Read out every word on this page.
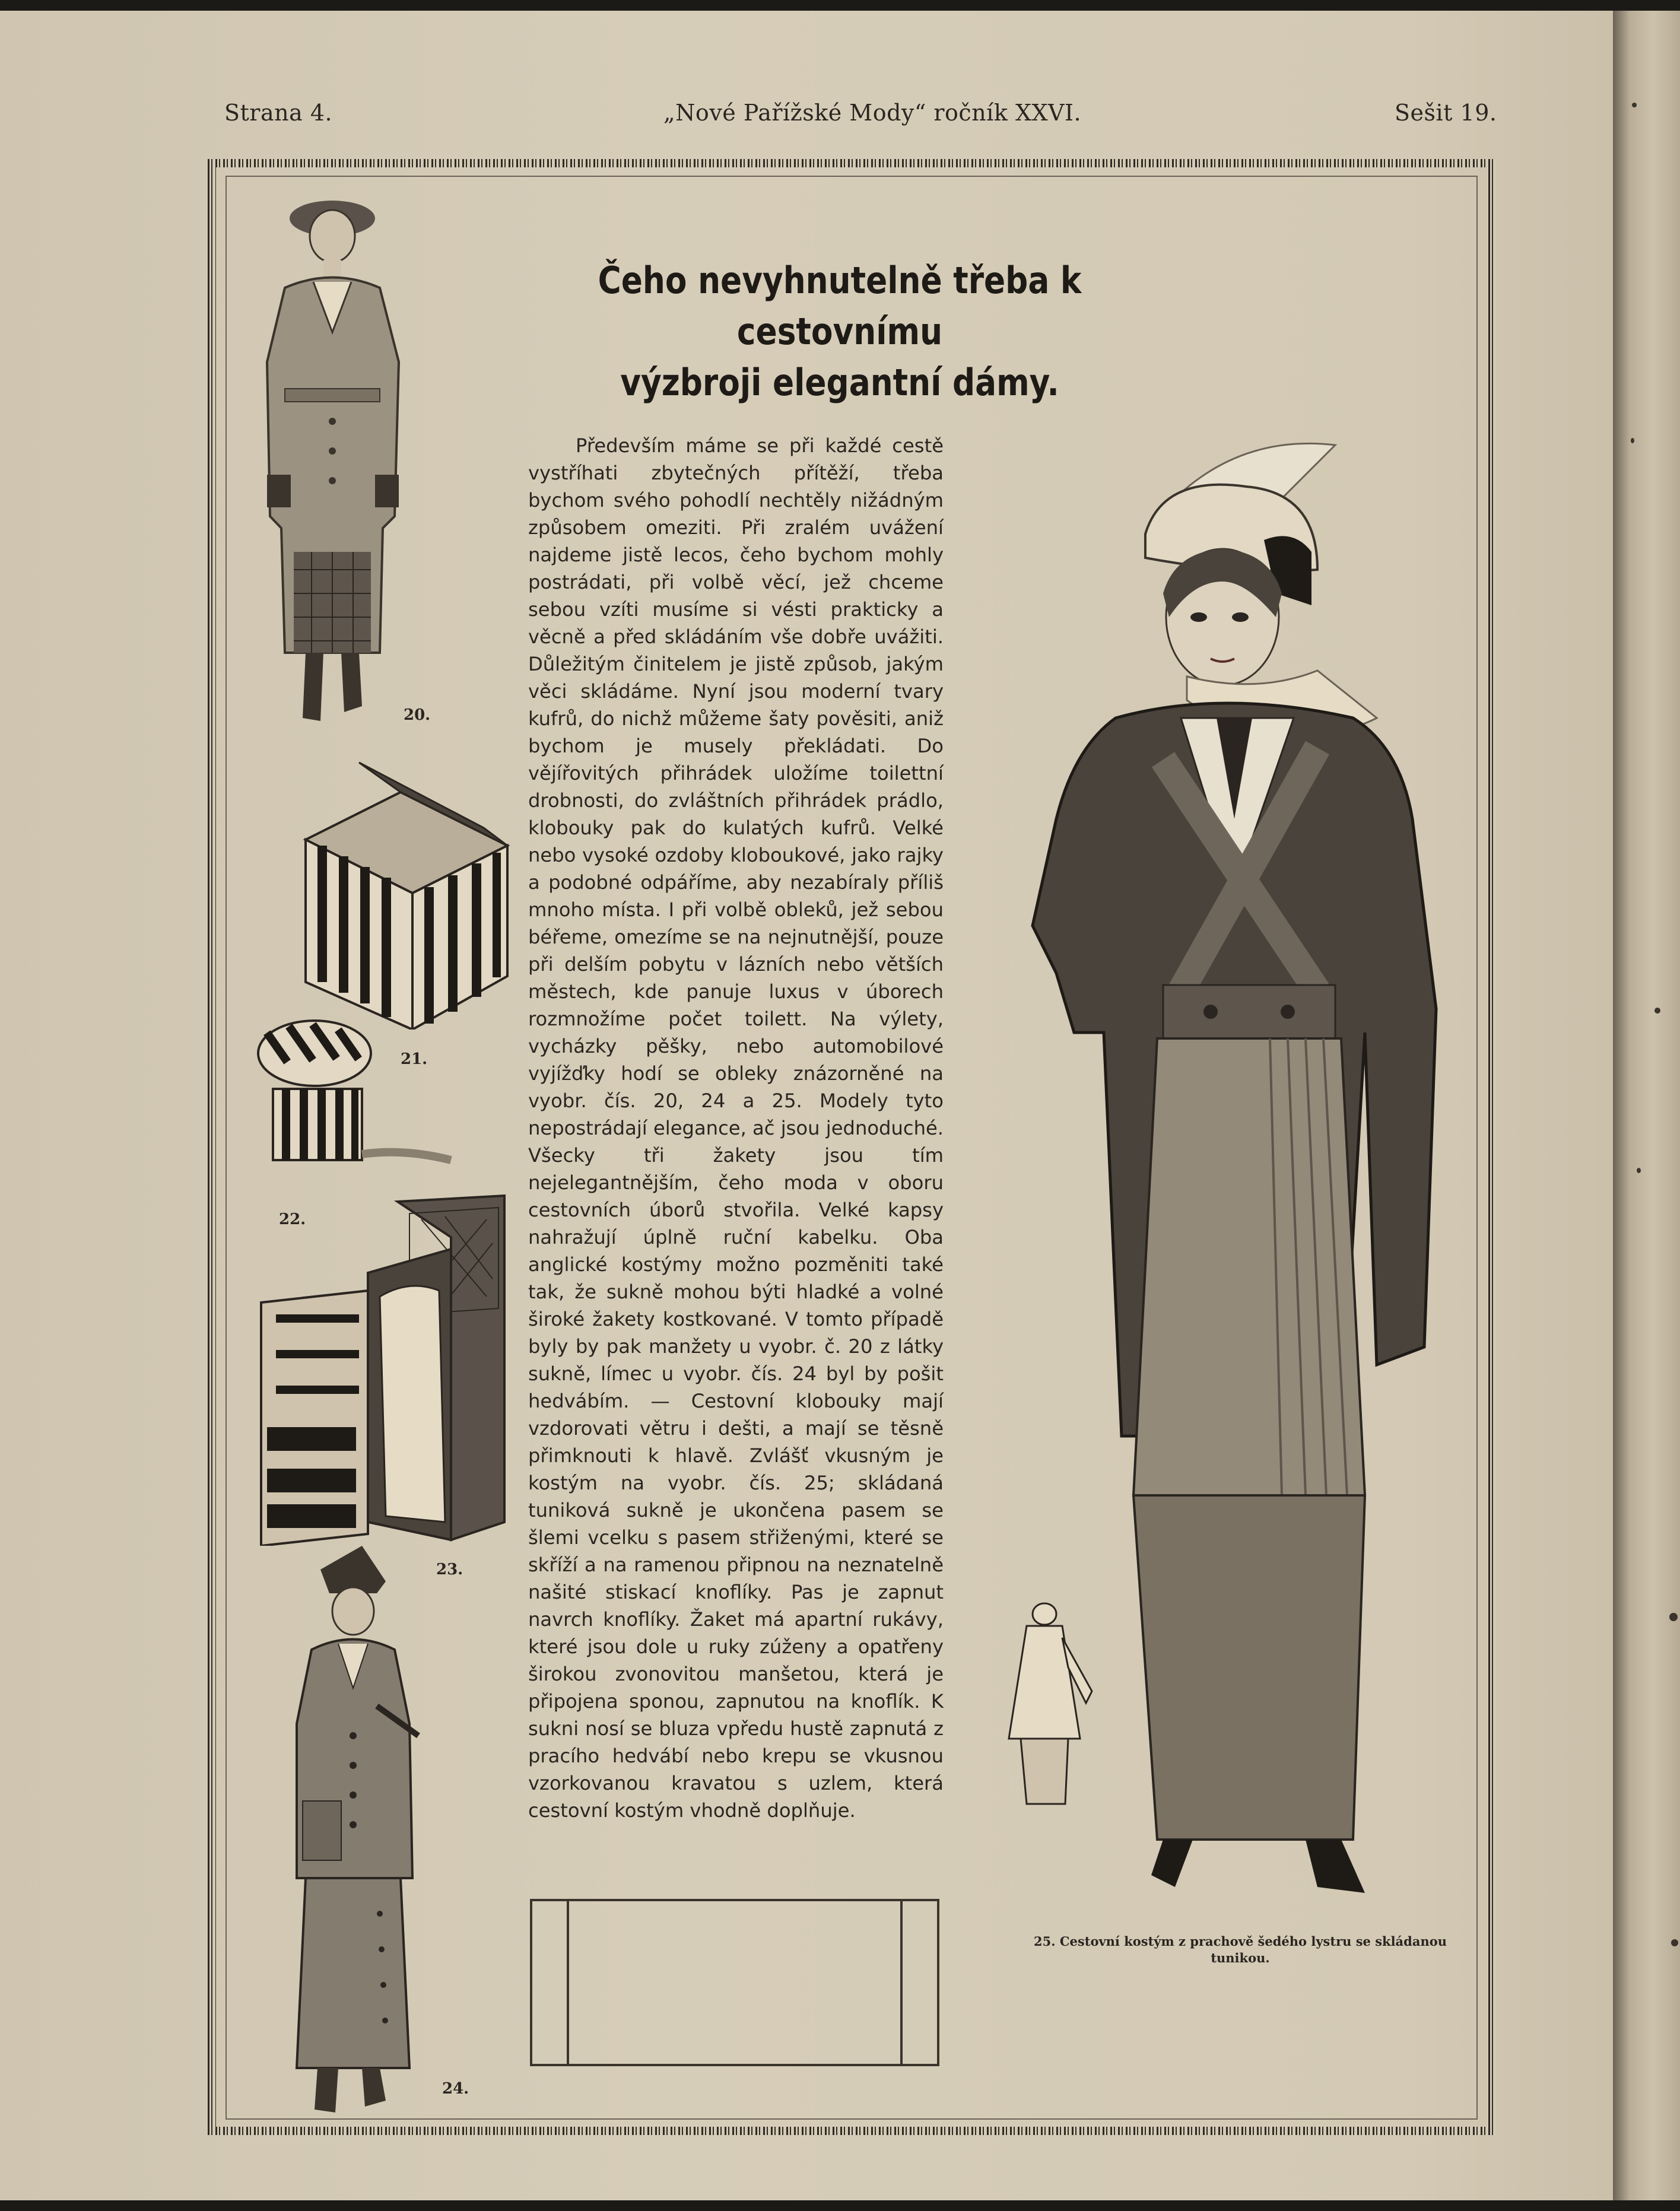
Strana 4.	„Nové Pařížské Mody“ ročník XXVI.	Sešit 19.
Čeho nevyhnutelně třeba k cestovnímu
výzbroji elegantní dámy.
Především máme se při každé cestě vystříhati zbytečných přítěží, třeba bychom svého pohodlí nechtěly nižádným způsobem omeziti. Při zralém uvážení najdeme jistě lecos, čeho bychom mohly postrádati, při volbě věcí, jež chceme sebou vzíti musíme si vésti prakticky a věcně a před skládáním vše dobře uvážiti. Důležitým činitelem je jistě způsob, jakým věci skládáme. Nyní jsou moderní tvary kufrů, do nichž můžeme šaty pověsiti, aniž bychom je musely překládati. Do vějířovitých přihrádek uložíme toilettní drobnosti, do zvláštních přihrádek prádlo, klobouky pak do kulatých kufrů. Velké nebo vysoké ozdoby kloboukové, jako rajky a podobné odpáříme, aby nezabíraly příliš mnoho místa. I při volbě obleků, jež sebou béřeme, omezíme se na nejnutnější, pouze při delším pobytu v lázních nebo větších městech, kde panuje luxus v úborech rozmnožíme počet toilett. Na výlety, vycházky pěšky, nebo automobilové vyjížďky hodí se obleky znázorněné na vyobr. čís. 20, 24 a 25. Modely tyto nepostrádají elegance, ač jsou jednoduché. Všecky tři žakety jsou tím nejelegantnějším, čeho moda v oboru cestovních úborů stvořila. Velké kapsy nahražují úplně ruční kabelku. Oba anglické kostýmy možno pozměniti také tak, že sukně mohou býti hladké a volné široké žakety kostkované. V tomto případě byly by pak manžety u vyobr. č. 20 z látky sukně, límec u vyobr. čís. 24 byl by pošit hedvábím. — Cestovní klobouky mají vzdorovati větru i dešti, a mají se těsně přimknouti k hlavě. Zvlášť vkusným je kostým na vyobr. čís. 25; skládaná tuniková sukně je ukončena pasem se šlemi vcelku s pasem střiženými, které se skříží a na ramenou připnou na neznatelně našité stiskací knoflíky. Pas je zapnut navrch knoflíky. Žaket má apartní rukávy, které jsou dole u ruky zúženy a opatřeny širokou zvonovitou manšetou, která je připojena sponou, zapnutou na knoflík. K sukni nosí se bluza vpředu hustě zapnutá z pracího hedvábí nebo krepu se vkusnou vzorkovanou kravatou s uzlem, která cestovní kostým vhodně doplňuje.
20.
21.
22.
23.
24.
25. Cestovní kostým z prachově šedého lystru se skládanou tunikou.
